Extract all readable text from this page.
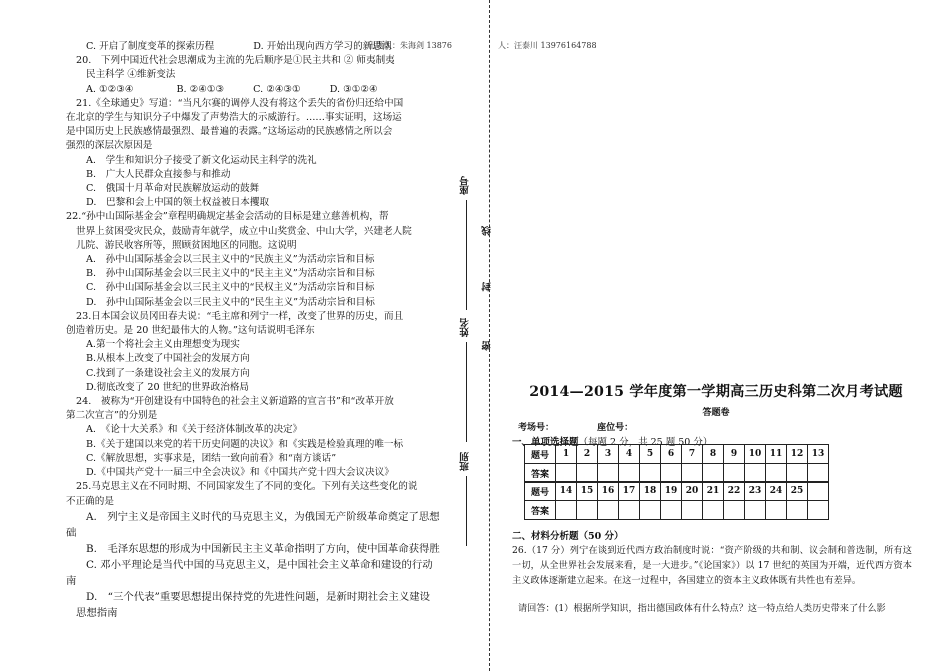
出题人：朱海剑 13876	人：汪泰川 13976164788
C. 开启了制度变革的探索历程	D. 开始出现向西方学习的新思潮
20.　下列中国近代社会思潮成为主流的先后顺序是①民主共和 ② 师夷制夷
民主科学 ④维新变法
A. ①②③④	B. ②④①③	C. ②④③①	D. ③①②④
21.《全球通史》写道：“当凡尔赛的调停人没有将这个丢失的省份归还给中国
在北京的学生与知识分子中爆发了声势浩大的示威游行。……事实证明，这场运
是中国历史上民族感情最强烈、最普遍的表露。”这场运动的民族感情之所以会
强烈的深层次原因是
A.　学生和知识分子接受了新文化运动民主科学的洗礼
B.　广大人民群众直接参与和推动
C.　俄国十月革命对民族解放运动的鼓舞
D.　巴黎和会上中国的领土权益被日本攫取
22.“孙中山国际基金会”章程明确规定基金会活动的目标是建立慈善机构，帮
世界上贫困受灾民众，鼓励青年就学，成立中山奖赏金、中山大学，兴建老人院
儿院、游民收容所等，照顾贫困地区的同胞。这说明
A.　孙中山国际基金会以三民主义中的“民族主义”为活动宗旨和目标
B.　孙中山国际基金会以三民主义中的“民主主义”为活动宗旨和目标
C.　孙中山国际基金会以三民主义中的“民权主义”为活动宗旨和目标
D.　孙中山国际基金会以三民主义中的“民生主义”为活动宗旨和目标
23.日本国会议员冈田春夫说：“毛主席和列宁一样，改变了世界的历史，而且
创造着历史。是 20 世纪最伟大的人物。”这句话说明毛泽东
A.第一个将社会主义由理想变为现实
B.从根本上改变了中国社会的发展方向
C.找到了一条建设社会主义的发展方向
D.彻底改变了 20 世纪的世界政治格局
24.　被称为“开创建设有中国特色的社会主义新道路的宣言书”和“改革开放
第二次宣言”的分别是
A.　《论十大关系》和《关于经济体制改革的决定》
B.《关于建国以来党的若干历史问题的决议》和《实践是检验真理的唯一标
C.《解放思想，实事求是，团结一致向前看》和“南方谈话”
D.《中国共产党十一届三中全会决议》和《中国共产党十四大会议决议》
25.马克思主义在不同时期、不同国家发生了不同的变化。下列有关这些变化的说
不正确的是
A.　列宁主义是帝国主义时代的马克思主义，为俄国无产阶级革命奠定了思想
础
B.　毛泽东思想的形成为中国新民主主义革命指明了方向，使中国革命获得胜
C. 邓小平理论是当代中国的马克思主义，是中国社会主义革命和建设的行动
南
D.　“三个代表”重要思想提出保持党的先进性问题，是新时期社会主义建设
思想指南
座号
线
封
姓名
密
班别
2014—2015 学年度第一学期高三历史科第二次月考试题
答题卷
考场号：	座位号：
一、单项选择题（每题 2 分，共 25 题 50 分）
题号	1	2	3	4	5	6	7	8	9	10	11	12	13
答案													
题号	14	15	16	17	18	19	20	21	22	23	24	25	
答案													
二、材料分析题（50 分）
26.（17 分）列宁在谈到近代西方政治制度时说：“资产阶级的共和制、议会制和普选制，所有这一切，从全世界社会发展来看，是一大进步。”《论国家》）以 17 世纪的英国为开端，近代西方资本主义政体逐渐建立起来。在这一过程中，各国建立的资本主义政体既有共性也有差异。
请回答：(1）根据所学知识，指出德国政体有什么特点？这一特点给人类历史带来了什么影
